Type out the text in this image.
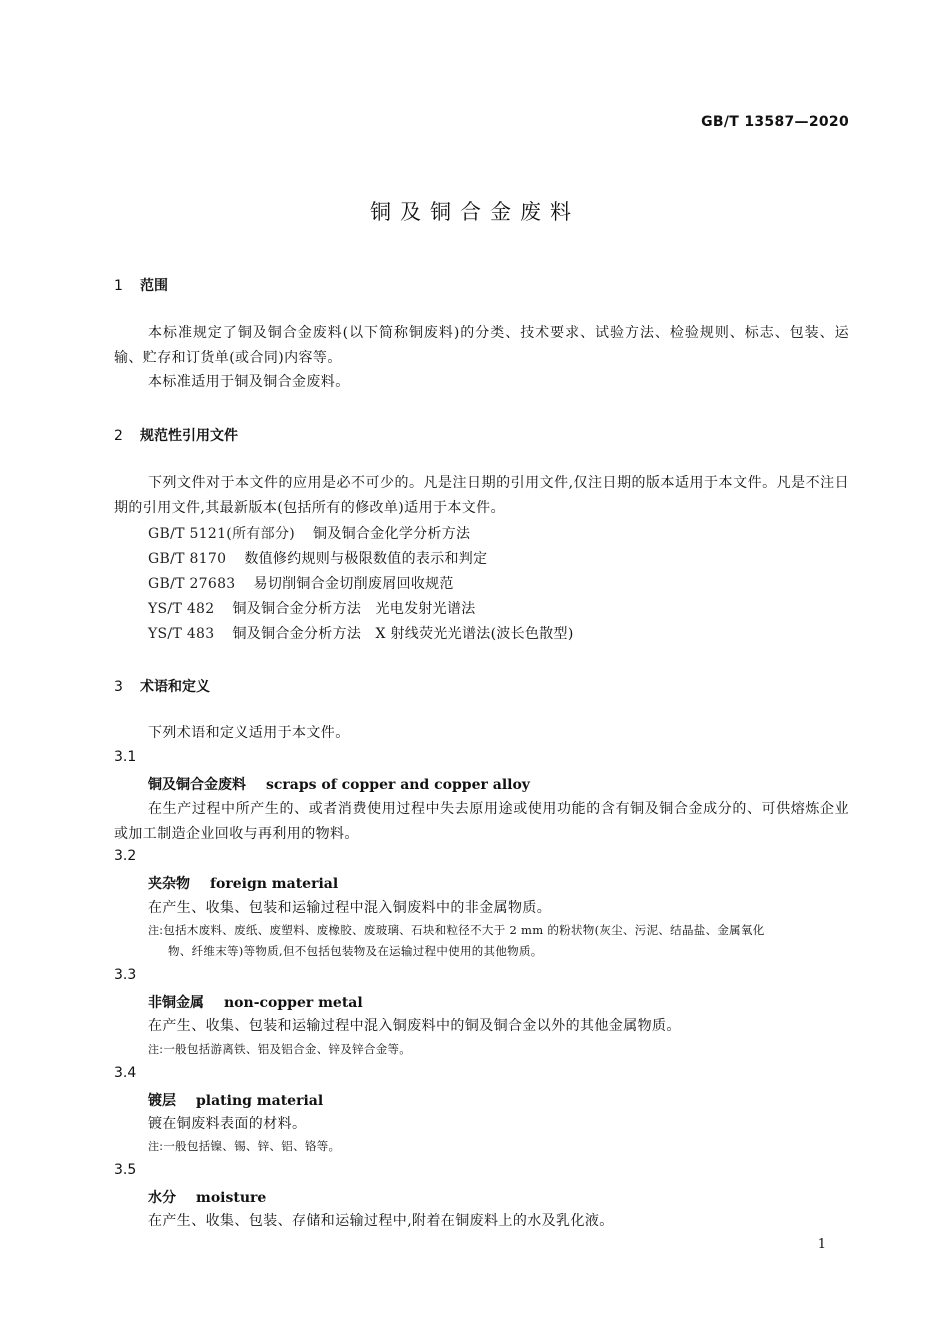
GB/T 13587—2020
铜及铜合金废料
1 范围
本标准规定了铜及铜合金废料(以下简称铜废料)的分类、技术要求、试验方法、检验规则、标志、包装、运输、贮存和订货单(或合同)内容等。
本标准适用于铜及铜合金废料。
2 规范性引用文件
下列文件对于本文件的应用是必不可少的。凡是注日期的引用文件,仅注日期的版本适用于本文件。凡是不注日期的引用文件,其最新版本(包括所有的修改单)适用于本文件。
GB/T 5121(所有部分) 铜及铜合金化学分析方法
GB/T 8170 数值修约规则与极限数值的表示和判定
GB/T 27683 易切削铜合金切削废屑回收规范
YS/T 482 铜及铜合金分析方法　光电发射光谱法
YS/T 483 铜及铜合金分析方法　X 射线荧光光谱法(波长色散型)
3 术语和定义
下列术语和定义适用于本文件。
3.1
铜及铜合金废料 scraps of copper and copper alloy
在生产过程中所产生的、或者消费使用过程中失去原用途或使用功能的含有铜及铜合金成分的、可供熔炼企业或加工制造企业回收与再利用的物料。
3.2
夹杂物 foreign material
在产生、收集、包装和运输过程中混入铜废料中的非金属物质。
注:包括木废料、废纸、废塑料、废橡胶、废玻璃、石块和粒径不大于 2 mm 的粉状物(灰尘、污泥、结晶盐、金属氧化
物、纤维末等)等物质,但不包括包装物及在运输过程中使用的其他物质。
3.3
非铜金属 non-copper metal
在产生、收集、包装和运输过程中混入铜废料中的铜及铜合金以外的其他金属物质。
注:一般包括游离铁、铝及铝合金、锌及锌合金等。
3.4
镀层 plating material
镀在铜废料表面的材料。
注:一般包括镍、锡、锌、铝、铬等。
3.5
水分 moisture
在产生、收集、包装、存储和运输过程中,附着在铜废料上的水及乳化液。
1
